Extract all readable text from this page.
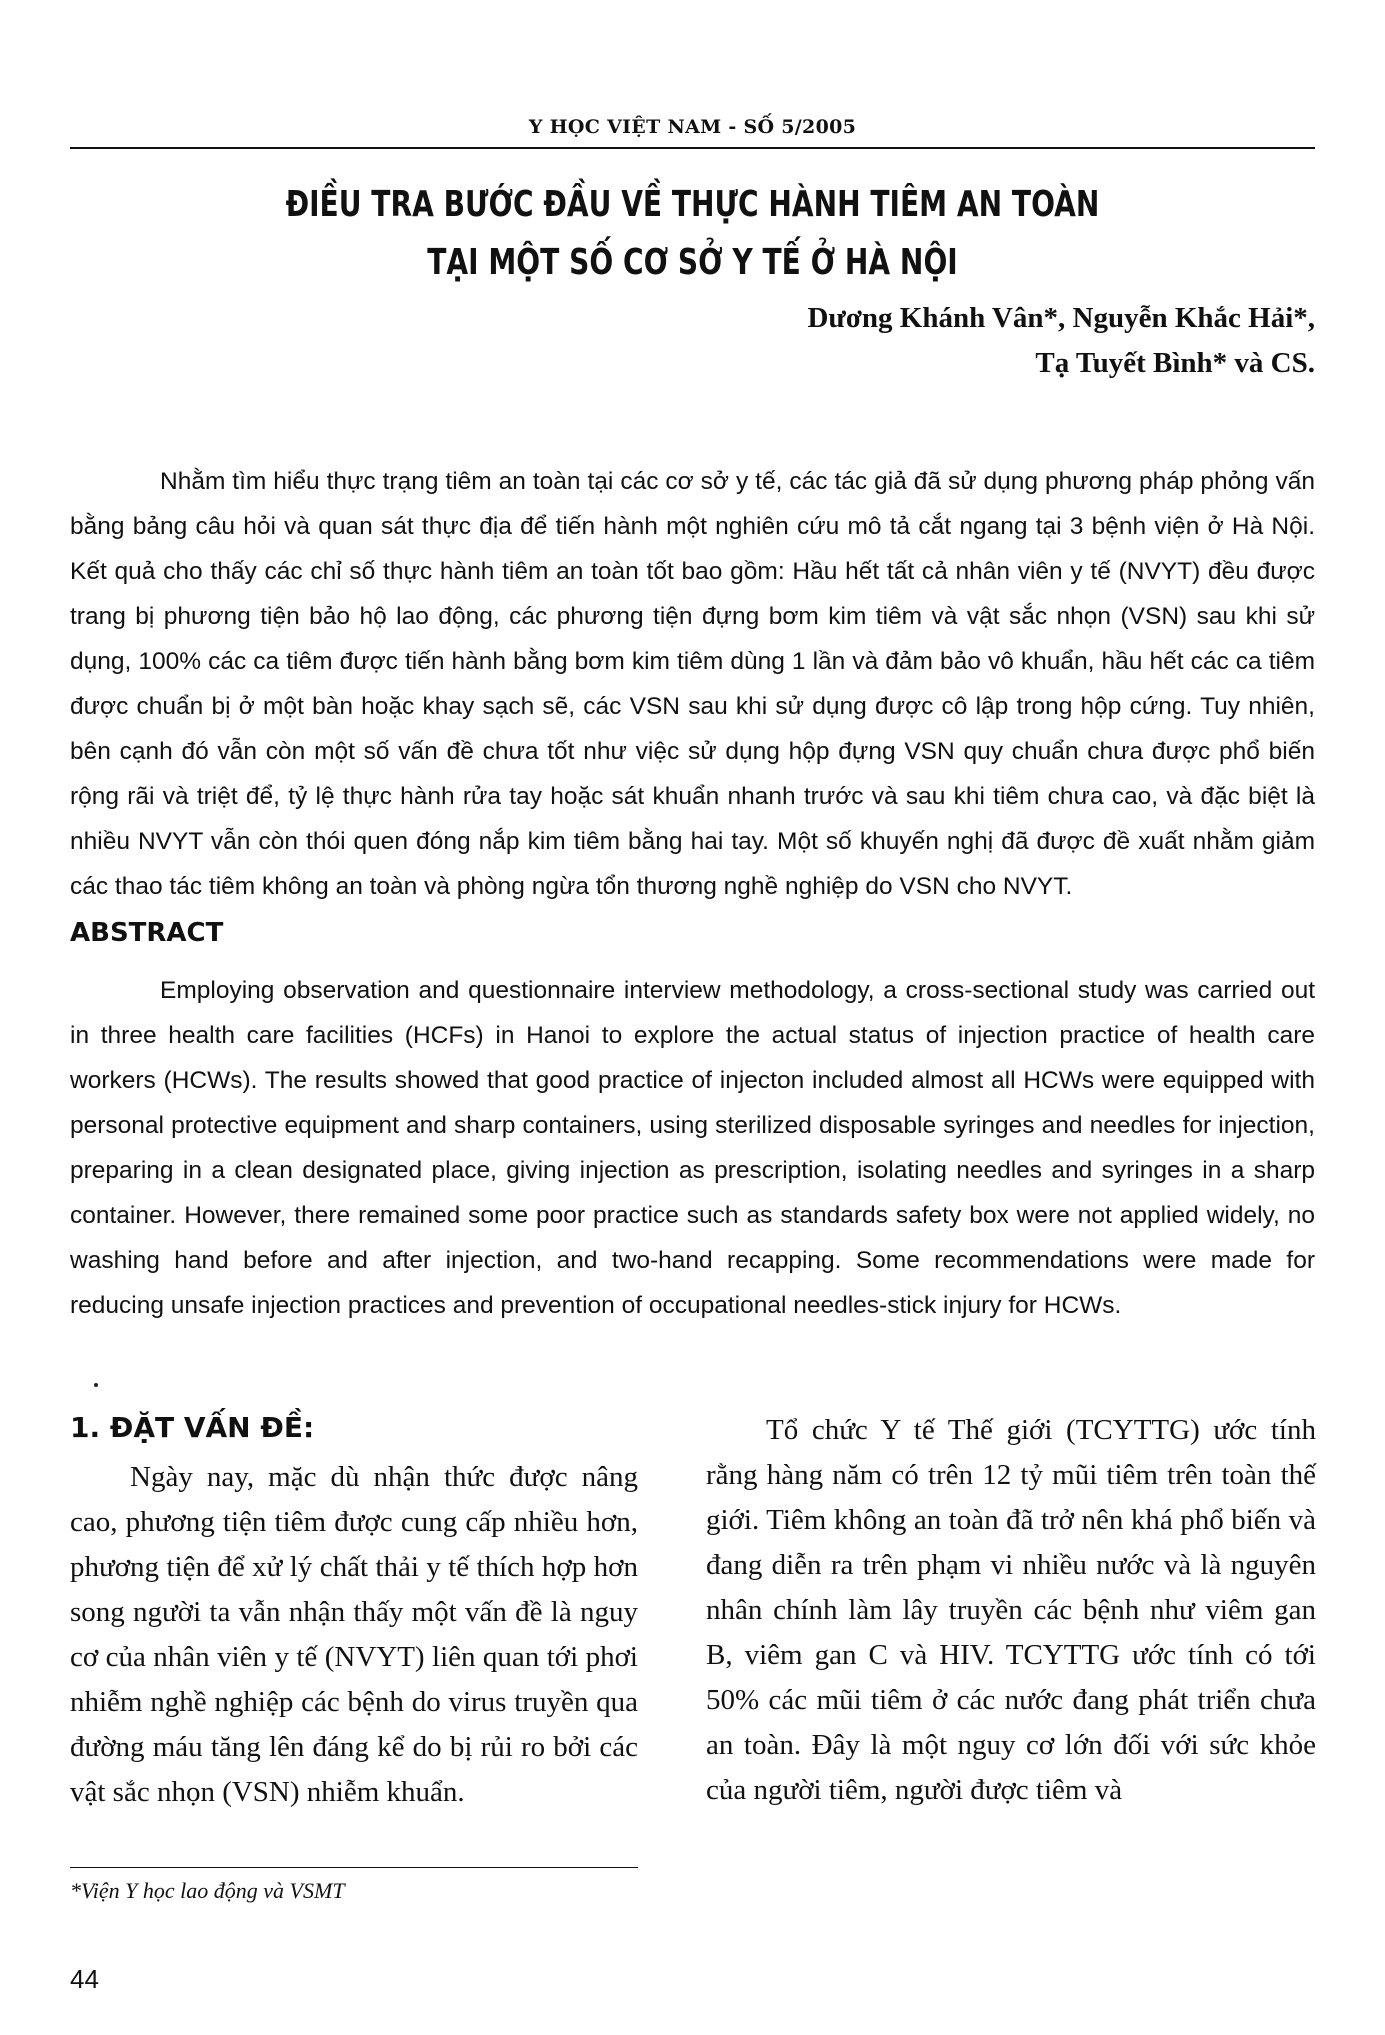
Y HỌC VIỆT NAM - SỐ 5/2005
ĐIỀU TRA BƯỚC ĐẦU VỀ THỰC HÀNH TIÊM AN TOÀN
TẠI MỘT SỐ CƠ SỞ Y TẾ Ở HÀ NỘI
Dương Khánh Vân*, Nguyễn Khắc Hải*,
Tạ Tuyết Bình* và CS.
Nhằm tìm hiểu thực trạng tiêm an toàn tại các cơ sở y tế, các tác giả đã sử dụng phương pháp phỏng vấn bằng bảng câu hỏi và quan sát thực địa để tiến hành một nghiên cứu mô tả cắt ngang tại 3 bệnh viện ở Hà Nội. Kết quả cho thấy các chỉ số thực hành tiêm an toàn tốt bao gồm: Hầu hết tất cả nhân viên y tế (NVYT) đều được trang bị phương tiện bảo hộ lao động, các phương tiện đựng bơm kim tiêm và vật sắc nhọn (VSN) sau khi sử dụng, 100% các ca tiêm được tiến hành bằng bơm kim tiêm dùng 1 lần và đảm bảo vô khuẩn, hầu hết các ca tiêm được chuẩn bị ở một bàn hoặc khay sạch sẽ, các VSN sau khi sử dụng được cô lập trong hộp cứng. Tuy nhiên, bên cạnh đó vẫn còn một số vấn đề chưa tốt như việc sử dụng hộp đựng VSN quy chuẩn chưa được phổ biến rộng rãi và triệt để, tỷ lệ thực hành rửa tay hoặc sát khuẩn nhanh trước và sau khi tiêm chưa cao, và đặc biệt là nhiều NVYT vẫn còn thói quen đóng nắp kim tiêm bằng hai tay. Một số khuyến nghị đã được đề xuất nhằm giảm các thao tác tiêm không an toàn và phòng ngừa tổn thương nghề nghiệp do VSN cho NVYT.
ABSTRACT
Employing observation and questionnaire interview methodology, a cross-sectional study was carried out in three health care facilities (HCFs) in Hanoi to explore the actual status of injection practice of health care workers (HCWs). The results showed that good practice of injecton included almost all HCWs were equipped with personal protective equipment and sharp containers, using sterilized disposable syringes and needles for injection, preparing in a clean designated place, giving injection as prescription, isolating needles and syringes in a sharp container. However, there remained some poor practice such as standards safety box were not applied widely, no washing hand before and after injection, and two-hand recapping. Some recommendations were made for reducing unsafe injection practices and prevention of occupational needles-stick injury for HCWs.
1. ĐẶT VẤN ĐỀ:
Ngày nay, mặc dù nhận thức được nâng cao, phương tiện tiêm được cung cấp nhiều hơn, phương tiện để xử lý chất thải y tế thích hợp hơn song người ta vẫn nhận thấy một vấn đề là nguy cơ của nhân viên y tế (NVYT) liên quan tới phơi nhiễm nghề nghiệp các bệnh do virus truyền qua đường máu tăng lên đáng kể do bị rủi ro bởi các vật sắc nhọn (VSN) nhiễm khuẩn.
Tổ chức Y tế Thế giới (TCYTTG) ước tính rằng hàng năm có trên 12 tỷ mũi tiêm trên toàn thế giới. Tiêm không an toàn đã trở nên khá phổ biến và đang diễn ra trên phạm vi nhiều nước và là nguyên nhân chính làm lây truyền các bệnh như viêm gan B, viêm gan C và HIV. TCYTTG ước tính có tới 50% các mũi tiêm ở các nước đang phát triển chưa an toàn. Đây là một nguy cơ lớn đối với sức khỏe của người tiêm, người được tiêm và
*Viện Y học lao động và VSMT
44
